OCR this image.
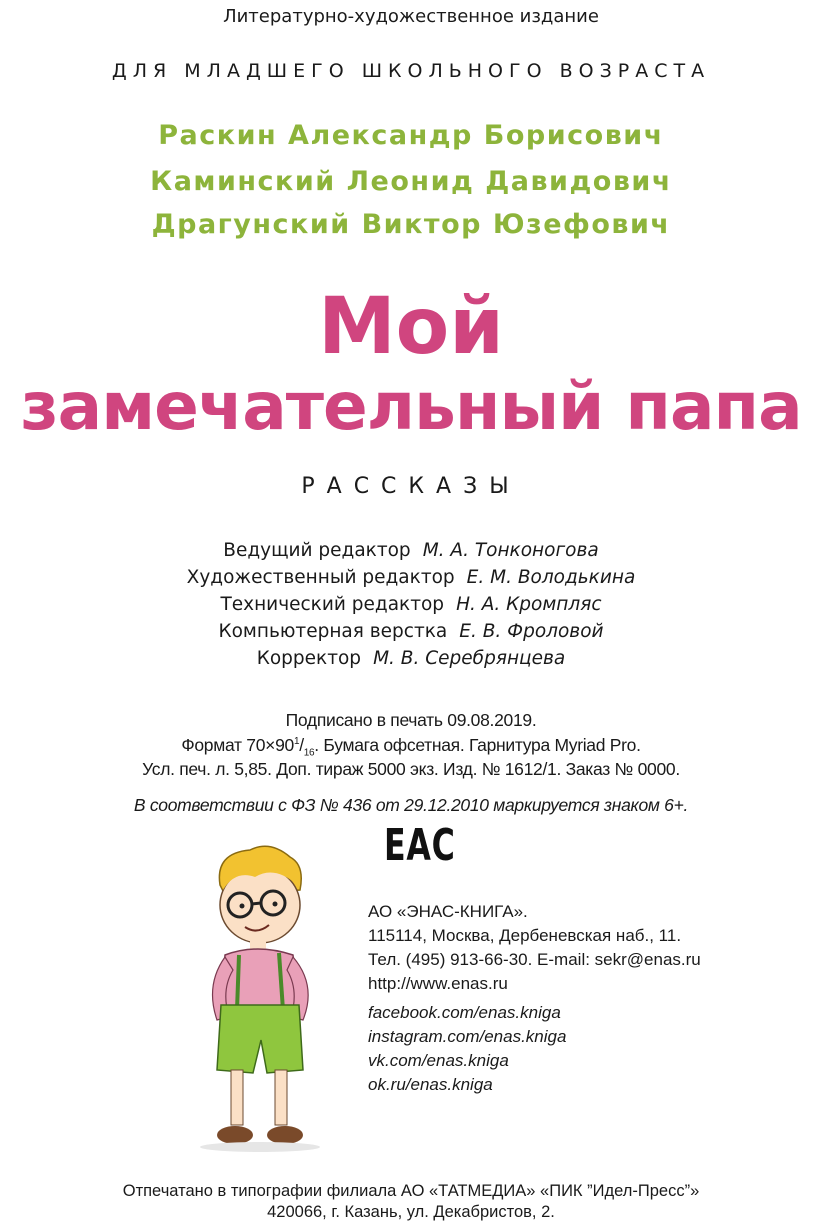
Литературно-художественное издание
ДЛЯ МЛАДШЕГО ШКОЛЬНОГО ВОЗРАСТА
Раскин Александр Борисович
Каминский Леонид Давидович
Драгунский Виктор Юзефович
Мой
замечательный папа
РАССКАЗЫ
Ведущий редактор М. А. Тонконогова
Художественный редактор Е. М. Володькина
Технический редактор Н. А. Кромпляс
Компьютерная верстка Е. В. Фроловой
Корректор М. В. Серебрянцева
Подписано в печать 09.08.2019.
Формат $70\times 90^1/_{16}$. Бумага офсетная. Гарнитура Myriad Pro.
Усл. печ. л. 5,85. Доп. тираж 5000 экз. Изд. № 1612/1. Заказ № 0000.
В соответствии с ФЗ № 436 от 29.12.2010 маркируется знаком 6+.
EAC
АО «ЭНАС-КНИГА».
115114, Москва, Дербеневская наб., 11.
Тел. (495) 913-66-30. E-mail: sekr@enas.ru
http://www.enas.ru
facebook.com/enas.kniga
instagram.com/enas.kniga
vk.com/enas.kniga
ok.ru/enas.kniga
Отпечатано в типографии филиала АО «ТАТМЕДИА» «ПИК ”Идел-Пресс”»
420066, г. Казань, ул. Декабристов, 2.
